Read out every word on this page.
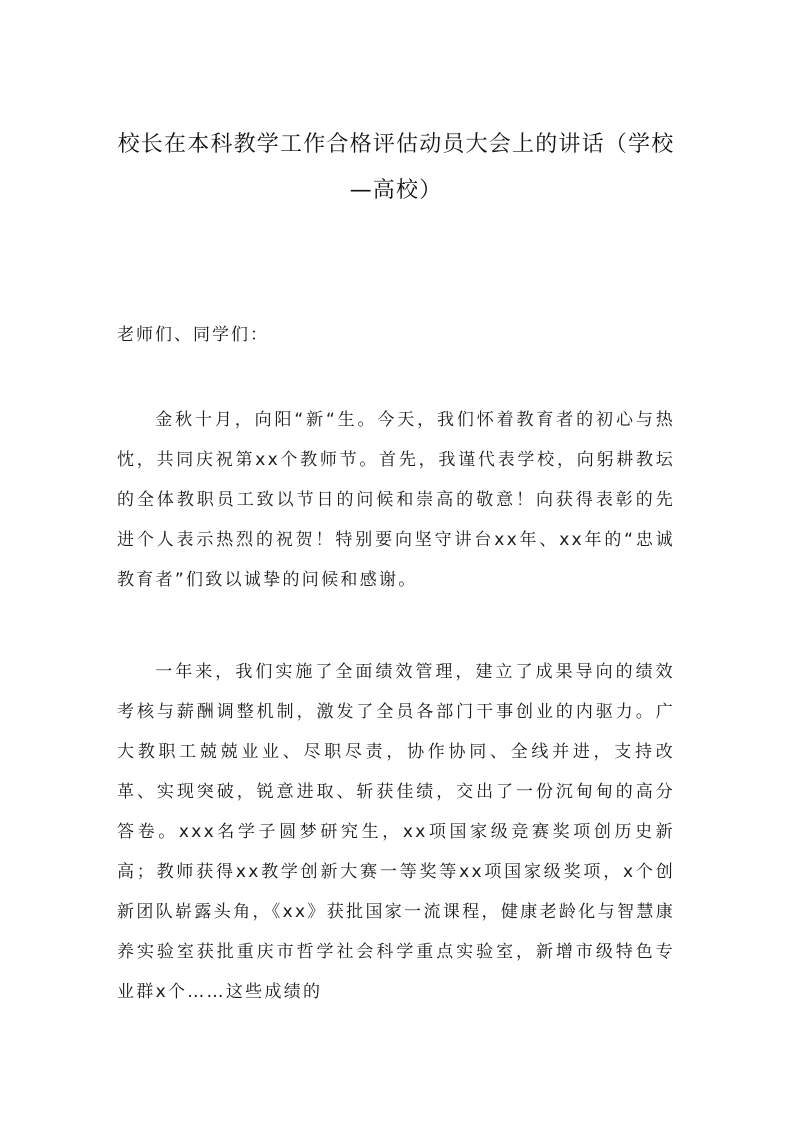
校长在本科教学工作合格评估动员大会上的讲话（学校—高校）
老师们、同学们：

金秋十月，向阳“新“生。今天，我们怀着教育者的初心与热忱，共同庆祝第xx个教师节。首先，我谨代表学校，向躬耕教坛的全体教职员工致以节日的问候和崇高的敬意！向获得表彰的先进个人表示热烈的祝贺！特别要向坚守讲台xx年、xx年的“忠诚教育者”们致以诚挚的问候和感谢。

一年来，我们实施了全面绩效管理，建立了成果导向的绩效考核与薪酬调整机制，激发了全员各部门干事创业的内驱力。广大教职工兢兢业业、尽职尽责，协作协同、全线并进，支持改革、实现突破，锐意进取、斩获佳绩，交出了一份沉甸甸的高分答卷。xxx名学子圆梦研究生，xx项国家级竞赛奖项创历史新高；教师获得xx教学创新大赛一等奖等xx项国家级奖项，x个创新团队崭露头角，《xx》获批国家一流课程，健康老龄化与智慧康养实验室获批重庆市哲学社会科学重点实验室，新增市级特色专业群x个……这些成绩的
